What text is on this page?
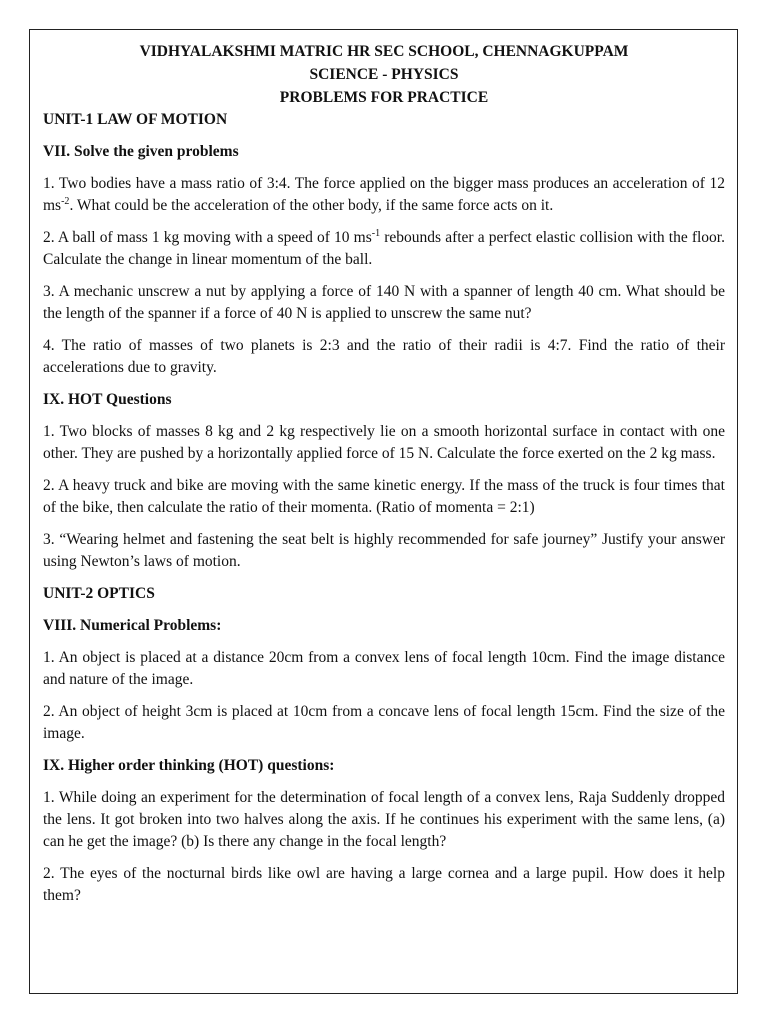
VIDHYALAKSHMI MATRIC HR SEC SCHOOL, CHENNAGKUPPAM

SCIENCE - PHYSICS

PROBLEMS FOR PRACTICE

UNIT-1 LAW OF MOTION

VII. Solve the given problems

1. Two bodies have a mass ratio of 3:4. The force applied on the bigger mass produces an acceleration of 12 $ms^{-2}$. What could be the acceleration of the other body, if the same force acts on it.

2. A ball of mass 1 kg moving with a speed of 10 $ms^{-1}$ rebounds after a perfect elastic collision with the floor. Calculate the change in linear momentum of the ball.

3. A mechanic unscrew a nut by applying a force of 140 N with a spanner of length 40 cm. What should be the length of the spanner if a force of 40 N is applied to unscrew the same nut?

4. The ratio of masses of two planets is 2:3 and the ratio of their radii is 4:7. Find the ratio of their accelerations due to gravity.

IX. HOT Questions

1. Two blocks of masses 8 kg and 2 kg respectively lie on a smooth horizontal surface in contact with one other. They are pushed by a horizontally applied force of 15 N. Calculate the force exerted on the 2 kg mass.

2. A heavy truck and bike are moving with the same kinetic energy. If the mass of the truck is four times that of the bike, then calculate the ratio of their momenta. (Ratio of momenta = 2:1)

3. “Wearing helmet and fastening the seat belt is highly recommended for safe journey” Justify your answer using Newton’s laws of motion.

UNIT-2 OPTICS

VIII. Numerical Problems:

1. An object is placed at a distance 20cm from a convex lens of focal length 10cm. Find the image distance and nature of the image.

2. An object of height 3cm is placed at 10cm from a concave lens of focal length 15cm. Find the size of the image.

IX. Higher order thinking (HOT) questions:

1. While doing an experiment for the determination of focal length of a convex lens, Raja Suddenly dropped the lens. It got broken into two halves along the axis. If he continues his experiment with the same lens, (a) can he get the image? (b) Is there any change in the focal length?

2. The eyes of the nocturnal birds like owl are having a large cornea and a large pupil. How does it help them?
